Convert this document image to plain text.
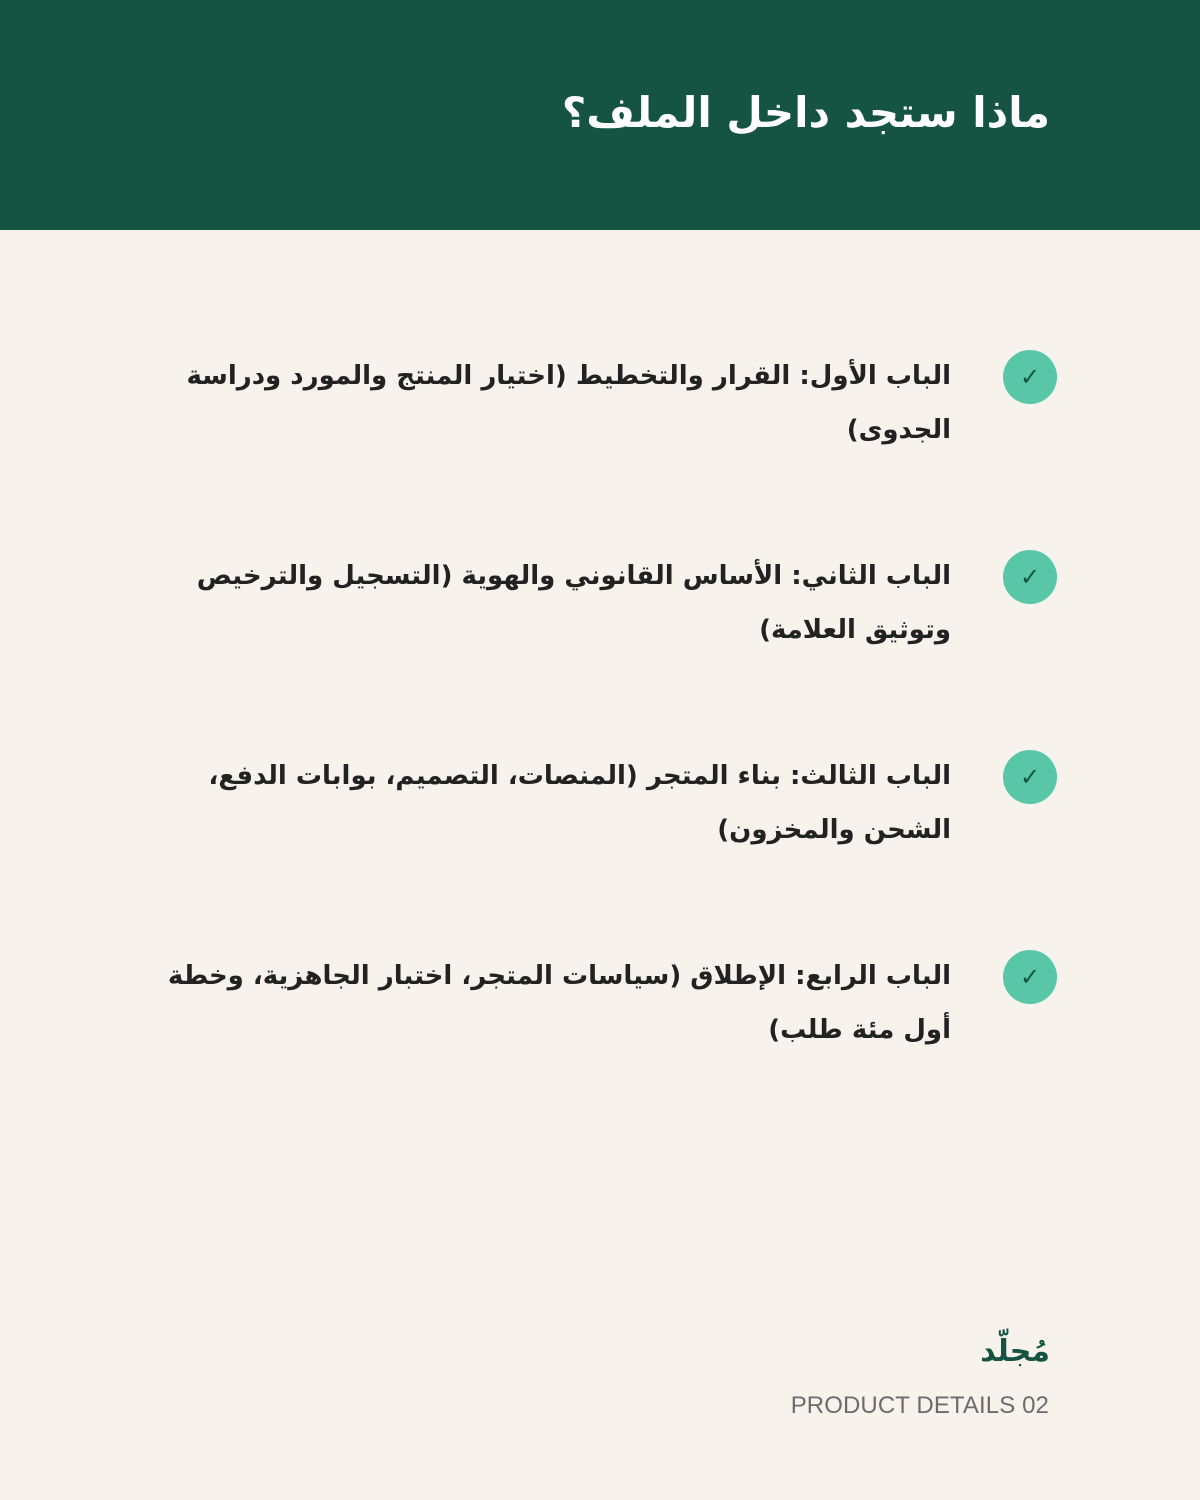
ماذا ستجد داخل الملف؟
✓
الباب الأول: القرار والتخطيط (اختيار المنتج والمورد ودراسة الجدوى)
✓
الباب الثاني: الأساس القانوني والهوية (التسجيل والترخيص وتوثيق العلامة)
✓
الباب الثالث: بناء المتجر (المنصات، التصميم، بوابات الدفع، الشحن والمخزون)
✓
الباب الرابع: الإطلاق (سياسات المتجر، اختبار الجاهزية، وخطة أول مئة طلب)
مُجلّد
PRODUCT DETAILS 02
